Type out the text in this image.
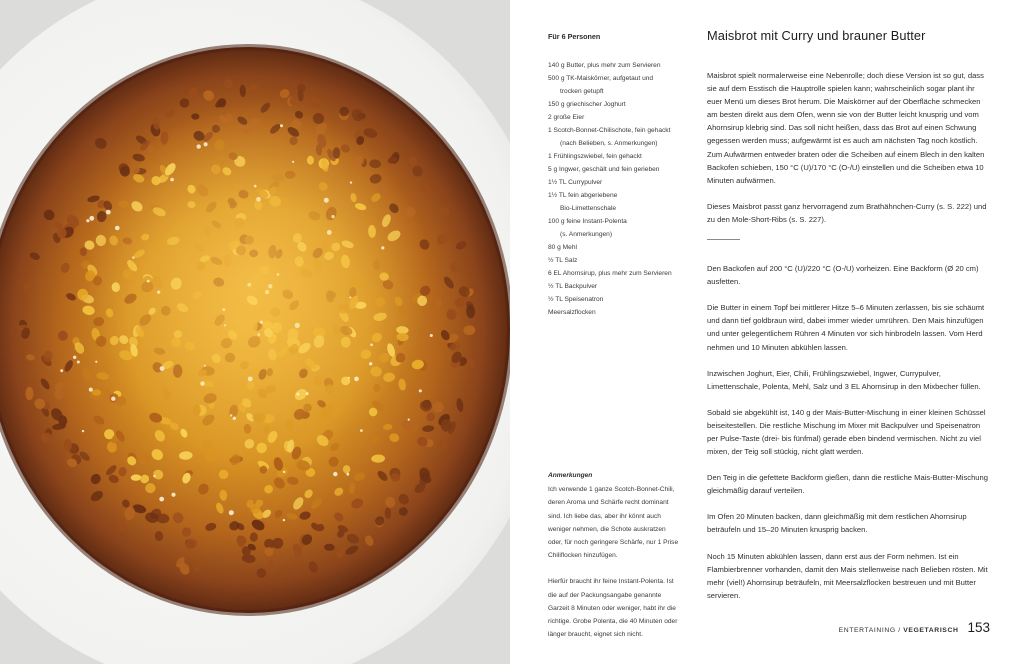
Für 6 Personen
140 g Butter, plus mehr zum Servieren
500 g TK-Maiskörner, aufgetaut und
trocken getupft
150 g griechischer Joghurt
2 große Eier
1 Scotch-Bonnet-Chilischote, fein gehackt
(nach Belieben, s. Anmerkungen)
1 Frühlingszwiebel, fein gehackt
5 g Ingwer, geschält und fein gerieben
1½ TL Currypulver
1½ TL fein abgeriebene
Bio-Limettenschale
100 g feine Instant-Polenta
(s. Anmerkungen)
80 g Mehl
½ TL Salz
6 EL Ahornsirup, plus mehr zum Servieren
½ TL Backpulver
½ TL Speisenatron
Meersalzflocken
Anmerkungen

Ich verwende 1 ganze Scotch-Bonnet-Chili, deren Aroma und Schärfe recht dominant sind. Ich liebe das, aber ihr könnt auch weniger nehmen, die Schote auskratzen oder, für noch geringere Schärfe, nur 1 Prise Chiliflocken hinzufügen.

Hierfür braucht ihr feine Instant-Polenta. Ist die auf der Packungsangabe genannte Garzeit 8 Minuten oder weniger, habt ihr die richtige. Grobe Polenta, die 40 Minuten oder länger braucht, eignet sich nicht.

Maisbrot mit Curry und brauner Butter

Maisbrot spielt normalerweise eine Nebenrolle; doch diese Version ist so gut, dass sie auf dem Esstisch die Hauptrolle spielen kann; wahrscheinlich sogar plant ihr euer Menü um dieses Brot herum. Die Maiskörner auf der Oberfläche schmecken am besten direkt aus dem Ofen, wenn sie von der Butter leicht knusprig und vom Ahornsirup klebrig sind. Das soll nicht heißen, dass das Brot auf einen Schwung gegessen werden muss; aufgewärmt ist es auch am nächsten Tag noch köstlich. Zum Aufwärmen entweder braten oder die Scheiben auf einem Blech in den kalten Backofen schieben, 150 °C (U)/170 °C (O-/U) einstellen und die Scheiben etwa 10 Minuten aufwärmen.

Dieses Maisbrot passt ganz hervorragend zum Brathähnchen-Curry (s. S. 222) und zu den Mole-Short-Ribs (s. S. 227).

Den Backofen auf 200 °C (U)/220 °C (O-/U) vorheizen. Eine Backform (Ø 20 cm) ausfetten.

Die Butter in einem Topf bei mittlerer Hitze 5–6 Minuten zerlassen, bis sie schäumt und dann tief goldbraun wird, dabei immer wieder umrühren. Den Mais hinzufügen und unter gelegentlichem Rühren 4 Minuten vor sich hinbrodeln lassen. Vom Herd nehmen und 10 Minuten abkühlen lassen.

Inzwischen Joghurt, Eier, Chili, Frühlingszwiebel, Ingwer, Currypulver, Limettenschale, Polenta, Mehl, Salz und 3 EL Ahornsirup in den Mixbecher füllen.

Sobald sie abgekühlt ist, 140 g der Mais-Butter-Mischung in einer kleinen Schüssel beiseitestellen. Die restliche Mischung im Mixer mit Backpulver und Speisenatron per Pulse-Taste (drei- bis fünfmal) gerade eben bindend vermischen. Nicht zu viel mixen, der Teig soll stückig, nicht glatt werden.

Den Teig in die gefettete Backform gießen, dann die restliche Mais-Butter-Mischung gleichmäßig darauf verteilen.

Im Ofen 20 Minuten backen, dann gleichmäßig mit dem restlichen Ahornsirup beträufeln und 15–20 Minuten knusprig backen.

Noch 15 Minuten abkühlen lassen, dann erst aus der Form nehmen. Ist ein Flambierbrenner vorhanden, damit den Mais stellenweise nach Belieben rösten. Mit mehr (viel!) Ahornsirup beträufeln, mit Meersalzflocken bestreuen und mit Butter servieren.

ENTERTAINING / VEGETARISCH 153
